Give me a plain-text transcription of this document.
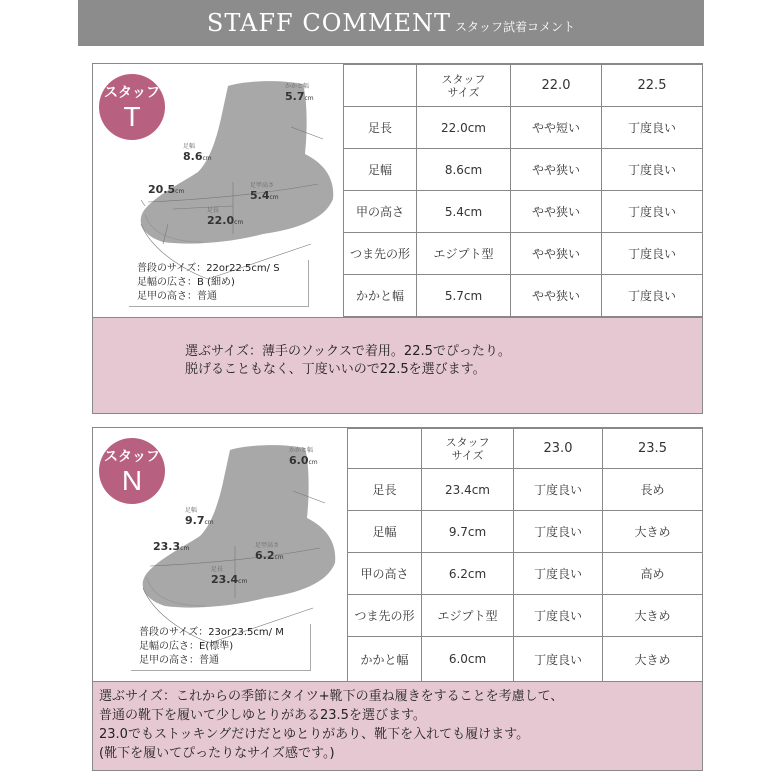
STAFF COMMENT スタッフ試着コメント
スタッフ
T
かかと幅
5.7cm
足幅
8.6cm
20.5cm
足甲高さ
5.4cm
足長
22.0cm
普段のサイズ：22or22.5cm/ S
足幅の広さ：B (細め)
足甲の高さ：普通
	スタッフ
サイズ	22.0	22.5
足長	22.0cm	やや短い	丁度良い
足幅	8.6cm	やや狭い	丁度良い
甲の高さ	5.4cm	やや狭い	丁度良い
つま先の形	エジプト型	やや狭い	丁度良い
かかと幅	5.7cm	やや狭い	丁度良い
選ぶサイズ：薄手のソックスで着用。22.5でぴったり。
脱げることもなく、丁度いいので22.5を選びます。
スタッフ
N
かかと幅
6.0cm
足幅
9.7cm
23.3cm	足甲高さ
6.2cm
足長
23.4cm
普段のサイズ：23or23.5cm/ M
足幅の広さ：E(標準)
足甲の高さ：普通
	スタッフ
サイズ	23.0	23.5
足長	23.4cm	丁度良い	長め
足幅	9.7cm	丁度良い	大きめ
甲の高さ	6.2cm	丁度良い	高め
つま先の形	エジプト型	丁度良い	大きめ
かかと幅	6.0cm	丁度良い	大きめ
選ぶサイズ：これからの季節にタイツ+靴下の重ね履きをすることを考慮して、
普通の靴下を履いて少しゆとりがある23.5を選びます。
23.0でもストッキングだけだとゆとりがあり、靴下を入れても履けます。
(靴下を履いてぴったりなサイズ感です。)
